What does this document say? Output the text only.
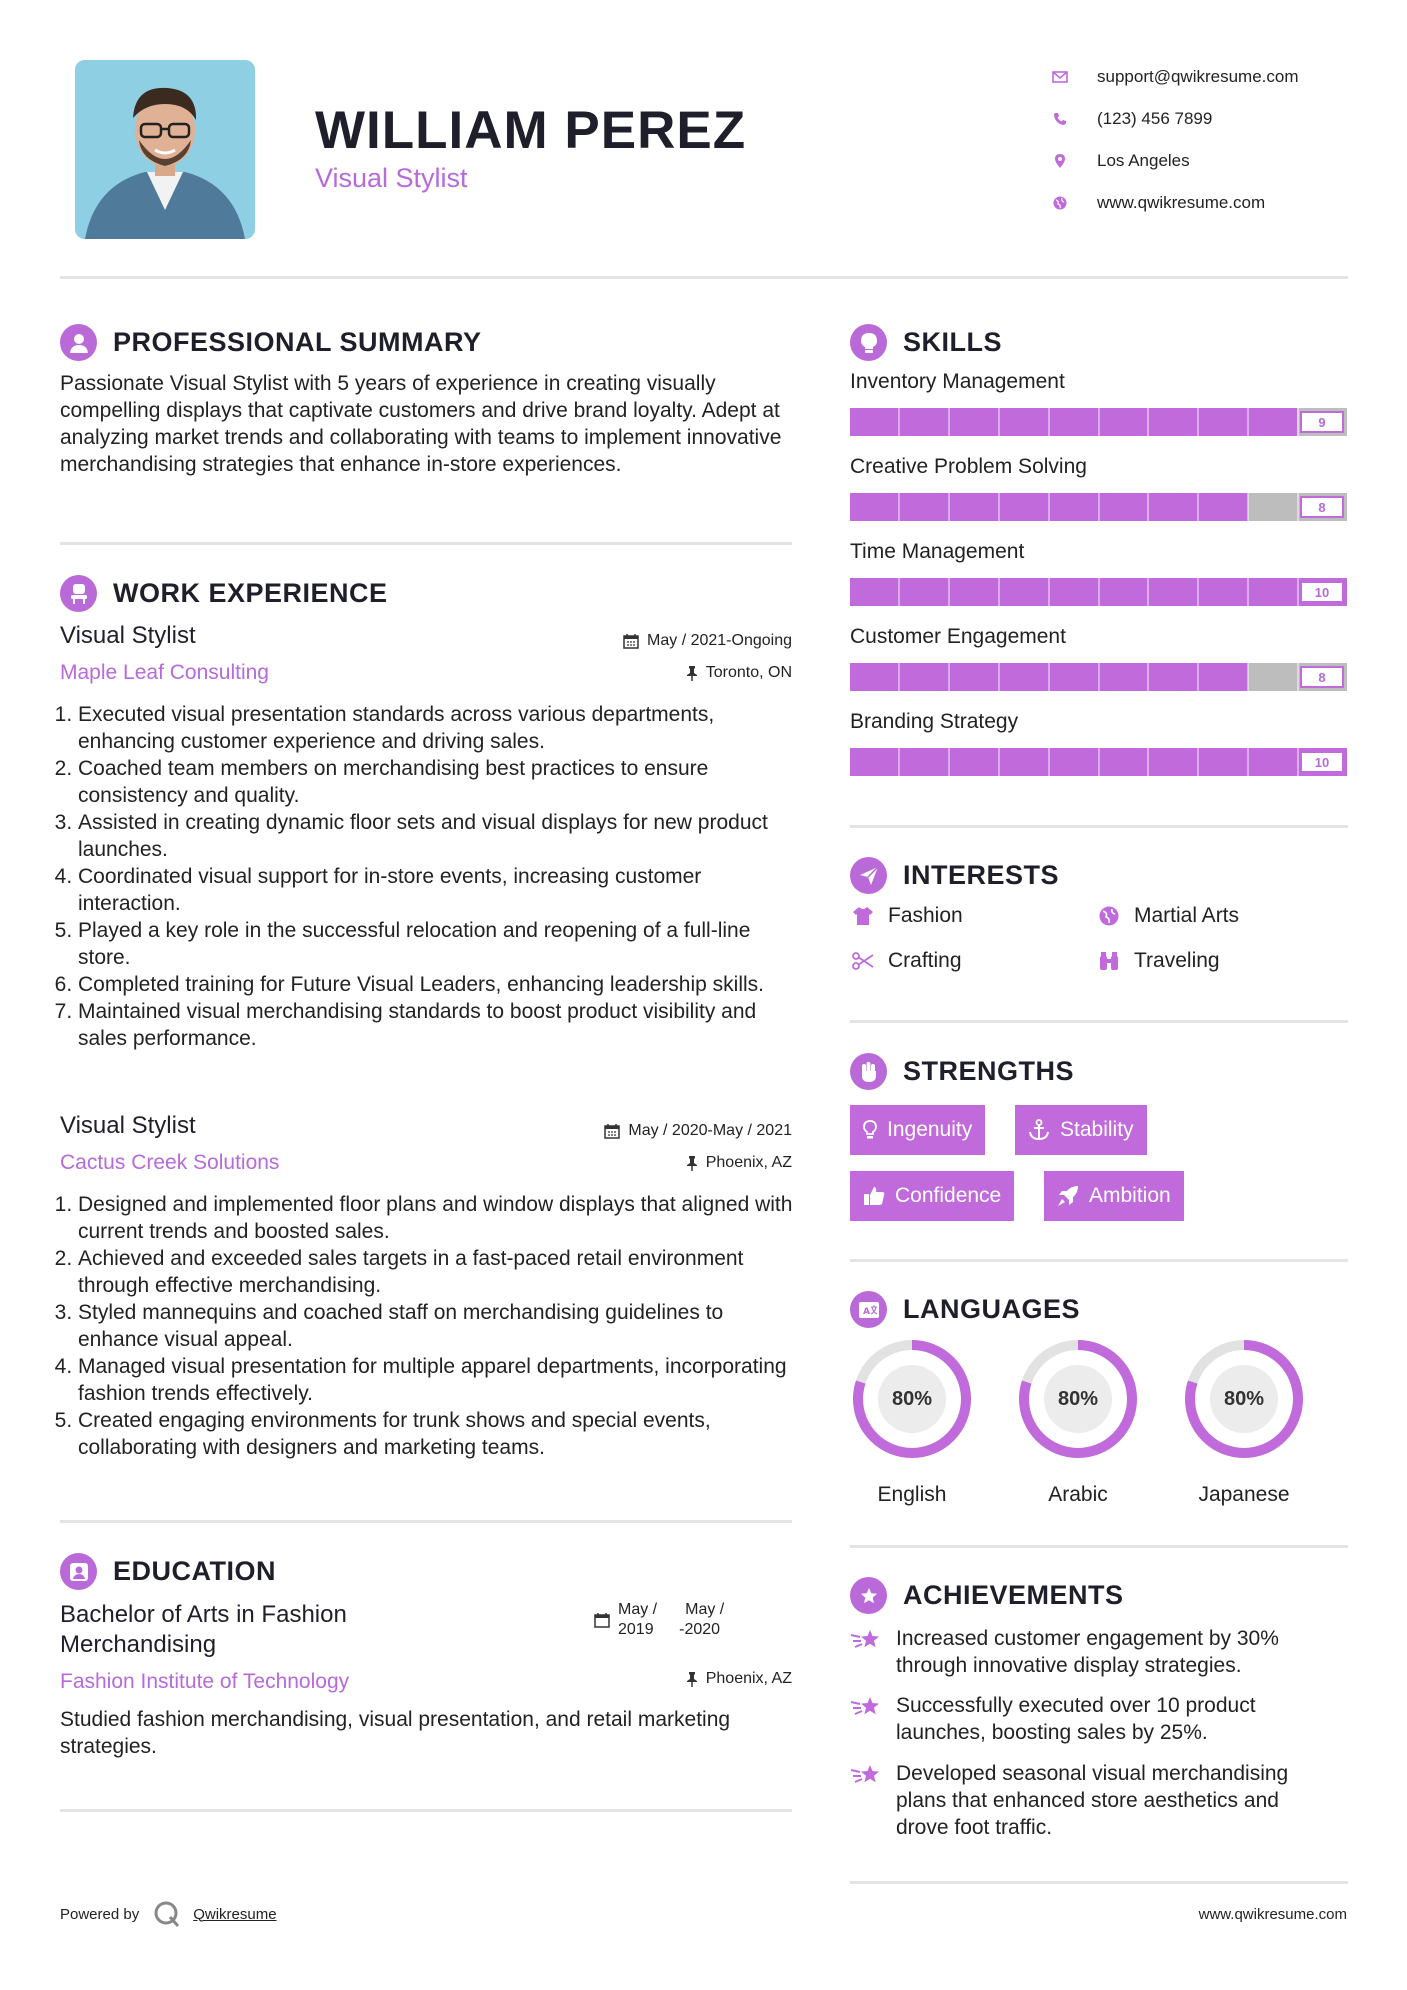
WILLIAM PEREZ
Visual Stylist
support@qwikresume.com
(123) 456 7899
Los Angeles
www.qwikresume.com
PROFESSIONAL SUMMARY
Passionate Visual Stylist with 5 years of experience in creating visually compelling displays that captivate customers and drive brand loyalty. Adept at analyzing market trends and collaborating with teams to implement innovative merchandising strategies that enhance in-store experiences.
WORK EXPERIENCE
Visual Stylist
Maple Leaf Consulting
May / 2021-Ongoing
Toronto, ON
1. Executed visual presentation standards across various departments, enhancing customer experience and driving sales.
2. Coached team members on merchandising best practices to ensure consistency and quality.
3. Assisted in creating dynamic floor sets and visual displays for new product launches.
4. Coordinated visual support for in-store events, increasing customer interaction.
5. Played a key role in the successful relocation and reopening of a full-line store.
6. Completed training for Future Visual Leaders, enhancing leadership skills.
7. Maintained visual merchandising standards to boost product visibility and sales performance.
Visual Stylist
Cactus Creek Solutions
May / 2020-May / 2021
Phoenix, AZ
1. Designed and implemented floor plans and window displays that aligned with current trends and boosted sales.
2. Achieved and exceeded sales targets in a fast-paced retail environment through effective merchandising.
3. Styled mannequins and coached staff on merchandising guidelines to enhance visual appeal.
4. Managed visual presentation for multiple apparel departments, incorporating fashion trends effectively.
5. Created engaging environments for trunk shows and special events, collaborating with designers and marketing teams.
EDUCATION
Bachelor of Arts in Fashion
Merchandising
Fashion Institute of Technology
May /
2019
May /
-2020
Phoenix, AZ
Studied fashion merchandising, visual presentation, and retail marketing strategies.
SKILLS
Inventory Management
9
Creative Problem Solving
8
Time Management
10
Customer Engagement
8
Branding Strategy
10
INTERESTS
Fashion	Martial Arts
Crafting	Traveling
STRENGTHS
Ingenuity	Stability
Confidence	Ambition
A LANGUAGES
80%
English
80%
Arabic
80%
Japanese
ACHIEVEMENTS
Increased customer engagement by 30% through innovative display strategies.
Successfully executed over 10 product launches, boosting sales by 25%.
Developed seasonal visual merchandising plans that enhanced store aesthetics and drove foot traffic.
Powered by	Qwikresume	www.qwikresume.com
